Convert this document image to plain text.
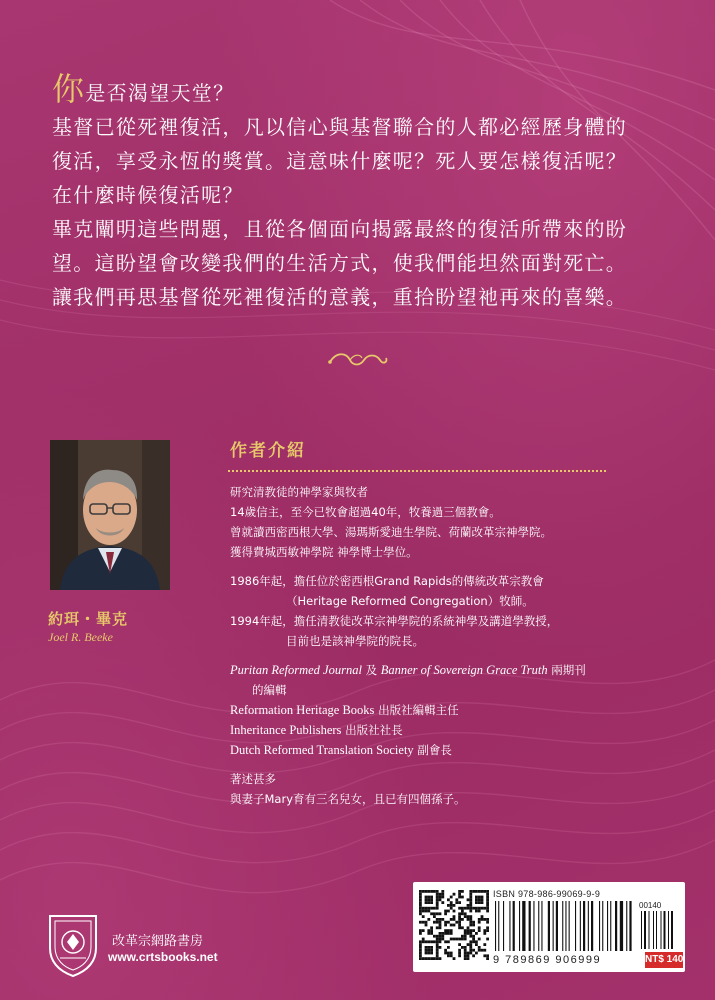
你是否渴望天堂？
基督已從死裡復活，凡以信心與基督聯合的人都必經歷身體的
復活，享受永恆的獎賞。這意味什麼呢？死人要怎樣復活呢？
在什麼時候復活呢？
畢克闡明這些問題，且從各個面向揭露最終的復活所帶來的盼
望。這盼望會改變我們的生活方式，使我們能坦然面對死亡。
讓我們再思基督從死裡復活的意義，重拾盼望祂再來的喜樂。
約珥・畢克
Joel R. Beeke
作者介紹
研究清教徒的神學家與牧者
14歲信主，至今已牧會超過40年，牧養過三個教會。
曾就讀西密西根大學、湯瑪斯愛迪生學院、荷蘭改革宗神學院。
獲得費城西敏神學院 神學博士學位。
1986年起，擔任位於密西根Grand Rapids的傳統改革宗教會
（Heritage Reformed Congregation）牧師。
1994年起，擔任清教徒改革宗神學院的系統神學及講道學教授，
目前也是該神學院的院長。
Puritan Reformed Journal 及 Banner of Sovereign Grace Truth 兩期刊
的編輯
Reformation Heritage Books 出版社編輯主任
Inheritance Publishers 出版社社長
Dutch Reformed Translation Society 副會長
著述甚多
與妻子Mary育有三名兒女，且已有四個孫子。
改革宗網路書房
www.crtsbooks.net
ISBN 978-986-99069-9-9
00140
9 789869 906999	NT$ 140
